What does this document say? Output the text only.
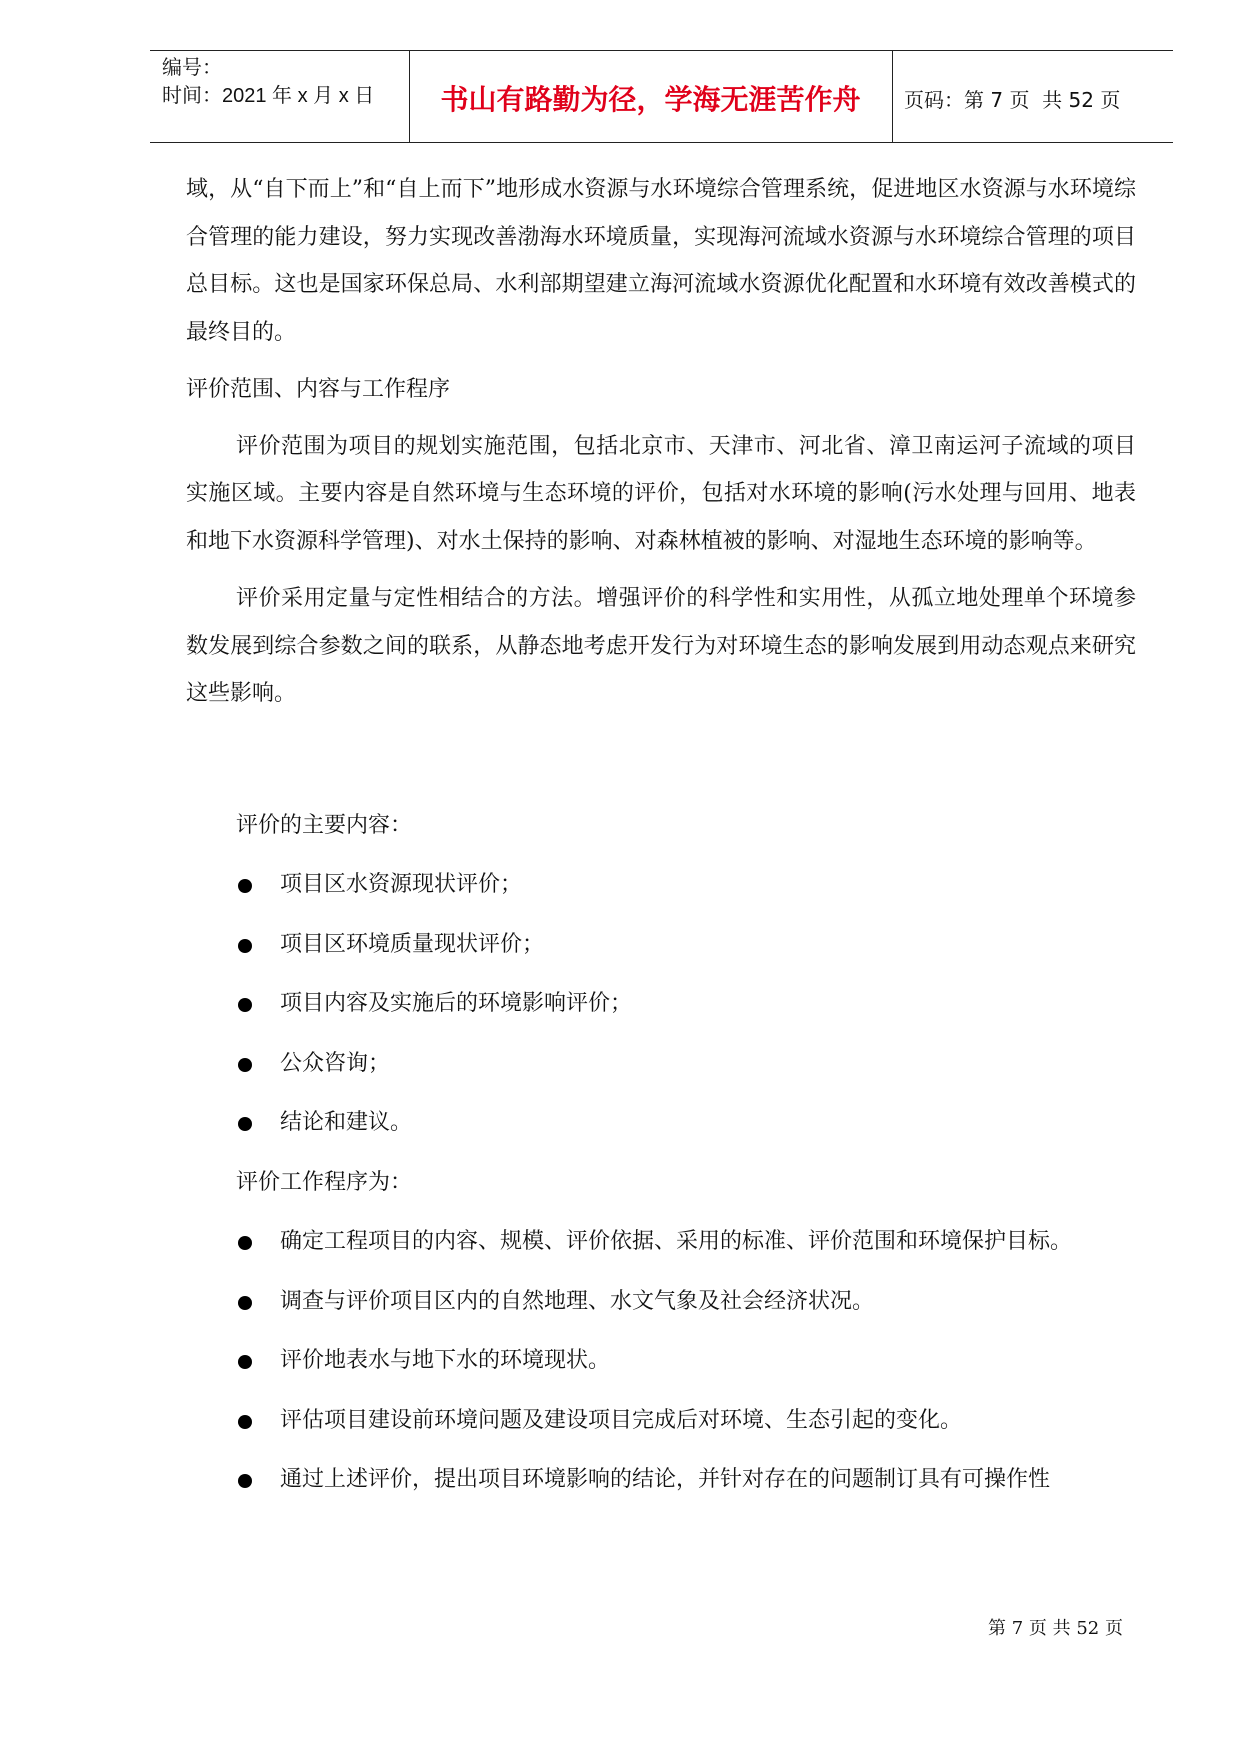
编号：
时间：2021 年 x 月 x 日	书山有路勤为径，学海无涯苦作舟	页码：第 7 页  共 52 页

域，从“自下而上”和“自上而下”地形成水资源与水环境综合管理系统，促进地区水资源与水环境综合管理的能力建设，努力实现改善渤海水环境质量，实现海河流域水资源与水环境综合管理的项目总目标。这也是国家环保总局、水利部期望建立海河流域水资源优化配置和水环境有效改善模式的最终目的。

评价范围、内容与工作程序

评价范围为项目的规划实施范围，包括北京市、天津市、河北省、漳卫南运河子流域的项目实施区域。主要内容是自然环境与生态环境的评价，包括对水环境的影响(污水处理与回用、地表和地下水资源科学管理)、对水土保持的影响、对森林植被的影响、对湿地生态环境的影响等。

评价采用定量与定性相结合的方法。增强评价的科学性和实用性，从孤立地处理单个环境参数发展到综合参数之间的联系，从静态地考虑开发行为对环境生态的影响发展到用动态观点来研究这些影响。

评价的主要内容：
项目区水资源现状评价；
项目区环境质量现状评价；
项目内容及实施后的环境影响评价；
公众咨询；
结论和建议。
评价工作程序为：
确定工程项目的内容、规模、评价依据、采用的标准、评价范围和环境保护目标。
调查与评价项目区内的自然地理、水文气象及社会经济状况。
评价地表水与地下水的环境现状。
评估项目建设前环境问题及建设项目完成后对环境、生态引起的变化。
通过上述评价，提出项目环境影响的结论，并针对存在的问题制订具有可操作性
第 7 页 共 52 页
